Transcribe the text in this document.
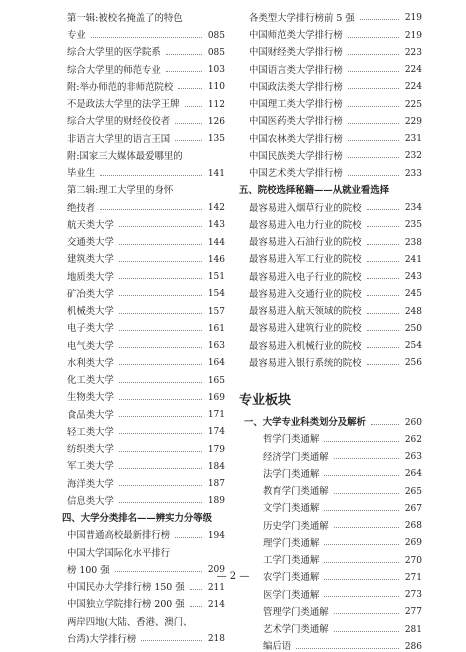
第一辑:被校名掩盖了的特色
专业	085
综合大学里的医学院系	085
综合大学里的师范专业	103
附:举办师范的非师范院校	110
不是政法大学里的法学王牌	112
综合大学里的财经佼佼者	126
非语言大学里的语言王国	135
附:国家三大媒体最爱哪里的
毕业生	141
第二辑:理工大学里的身怀
绝技者	142
航天类大学	143
交通类大学	144
建筑类大学	146
地质类大学	151
矿冶类大学	154
机械类大学	157
电子类大学	161
电气类大学	163
水利类大学	164
化工类大学	165
生物类大学	169
食品类大学	171
轻工类大学	174
纺织类大学	179
军工类大学	184
海洋类大学	187
信息类大学	189
四、大学分类排名——辨实力分等级
中国普通高校最新排行榜	194
中国大学国际化水平排行
榜 100 强	209
中国民办大学排行榜 150 强	211
中国独立学院排行榜 200 强	214
两岸四地(大陆、香港、澳门、
台湾)大学排行榜	218
各类型大学排行榜前 5 强	219
中国师范类大学排行榜	219
中国财经类大学排行榜	223
中国语言类大学排行榜	224
中国政法类大学排行榜	224
中国理工类大学排行榜	225
中国医药类大学排行榜	229
中国农林类大学排行榜	231
中国民族类大学排行榜	232
中国艺术类大学排行榜	233
五、院校选择秘籍——从就业看选择
最容易进入烟草行业的院校	234
最容易进入电力行业的院校	235
最容易进入石油行业的院校	238
最容易进入军工行业的院校	241
最容易进入电子行业的院校	243
最容易进入交通行业的院校	245
最容易进入航天领域的院校	248
最容易进入建筑行业的院校	250
最容易进入机械行业的院校	254
最容易进入银行系统的院校	256
专业板块
一、大学专业科类划分及解析	260
哲学门类通解	262
经济学门类通解	263
法学门类通解	264
教育学门类通解	265
文学门类通解	267
历史学门类通解	268
理学门类通解	269
工学门类通解	270
农学门类通解	271
医学门类通解	273
管理学门类通解	277
艺术学门类通解	281
编后语	286
— 2 —
